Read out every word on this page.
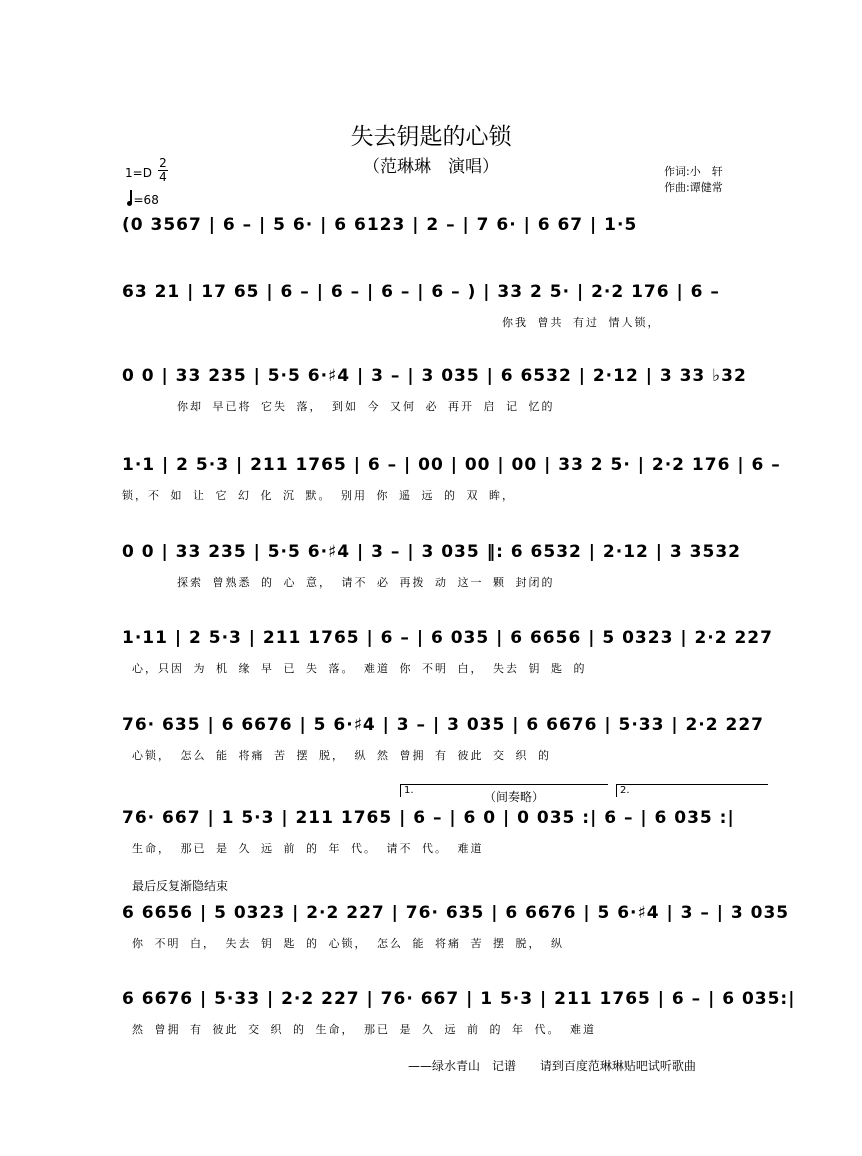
失去钥匙的心锁
（范琳琳　演唱）	作词:小　轩
作曲:谭健常
1=D
2
4
=68
(0 3567 | 6 – | 5 6· | 6 6123 | 2 – | 7 6· | 6 67 | 1·5
63 21 | 17 65 | 6 – | 6 – | 6 – | 6 – ) | 33 2 5· | 2·2 176 | 6 –
你我 曾共 有过 情人锁，
0 0 | 33 235 | 5·5 6·♯4 | 3 – | 3 035 | 6 6532 | 2·12 | 3 33 ♭32
你却 早已将 它失 落， 到如 今 又何 必 再开 启 记 忆的
1·1 | 2 5·3 | 211 1765 | 6 – | 00 | 00 | 00 | 33 2 5· | 2·2 176 | 6 –
锁，不 如 让 它 幻 化 沉 默。 别用 你 遥 远 的 双 眸，
0 0 | 33 235 | 5·5 6·♯4 | 3 – | 3 035 ‖: 6 6532 | 2·12 | 3 3532
探索 曾熟悉 的 心 意， 请不 必 再拨 动 这一 颗 封闭的
1·11 | 2 5·3 | 211 1765 | 6 – | 6 035 | 6 6656 | 5 0323 | 2·2 227
心，只因 为 机 缘 早 已 失 落。 难道 你 不明 白， 失去 钥 匙 的
76· 635 | 6 6676 | 5 6·♯4 | 3 – | 3 035 | 6 6676 | 5·33 | 2·2 227
心锁， 怎么 能 将痛 苦 摆 脱， 纵 然 曾拥 有 彼此 交 织 的
1.	2.
（间奏略）
76· 667 | 1 5·3 | 211 1765 | 6 – | 6 0 | 0 035 :| 6 – | 6 035 :|
生命， 那已 是 久 远 前 的 年 代。 请不 代。 难道
最后反复渐隐结束
6 6656 | 5 0323 | 2·2 227 | 76· 635 | 6 6676 | 5 6·♯4 | 3 – | 3 035
你 不明 白， 失去 钥 匙 的 心锁， 怎么 能 将痛 苦 摆 脱， 纵
6 6676 | 5·33 | 2·2 227 | 76· 667 | 1 5·3 | 211 1765 | 6 – | 6 035:|
然 曾拥 有 彼此 交 织 的 生命， 那已 是 久 远 前 的 年 代。 难道
——绿水青山　记谱 请到百度范琳琳贴吧试听歌曲
